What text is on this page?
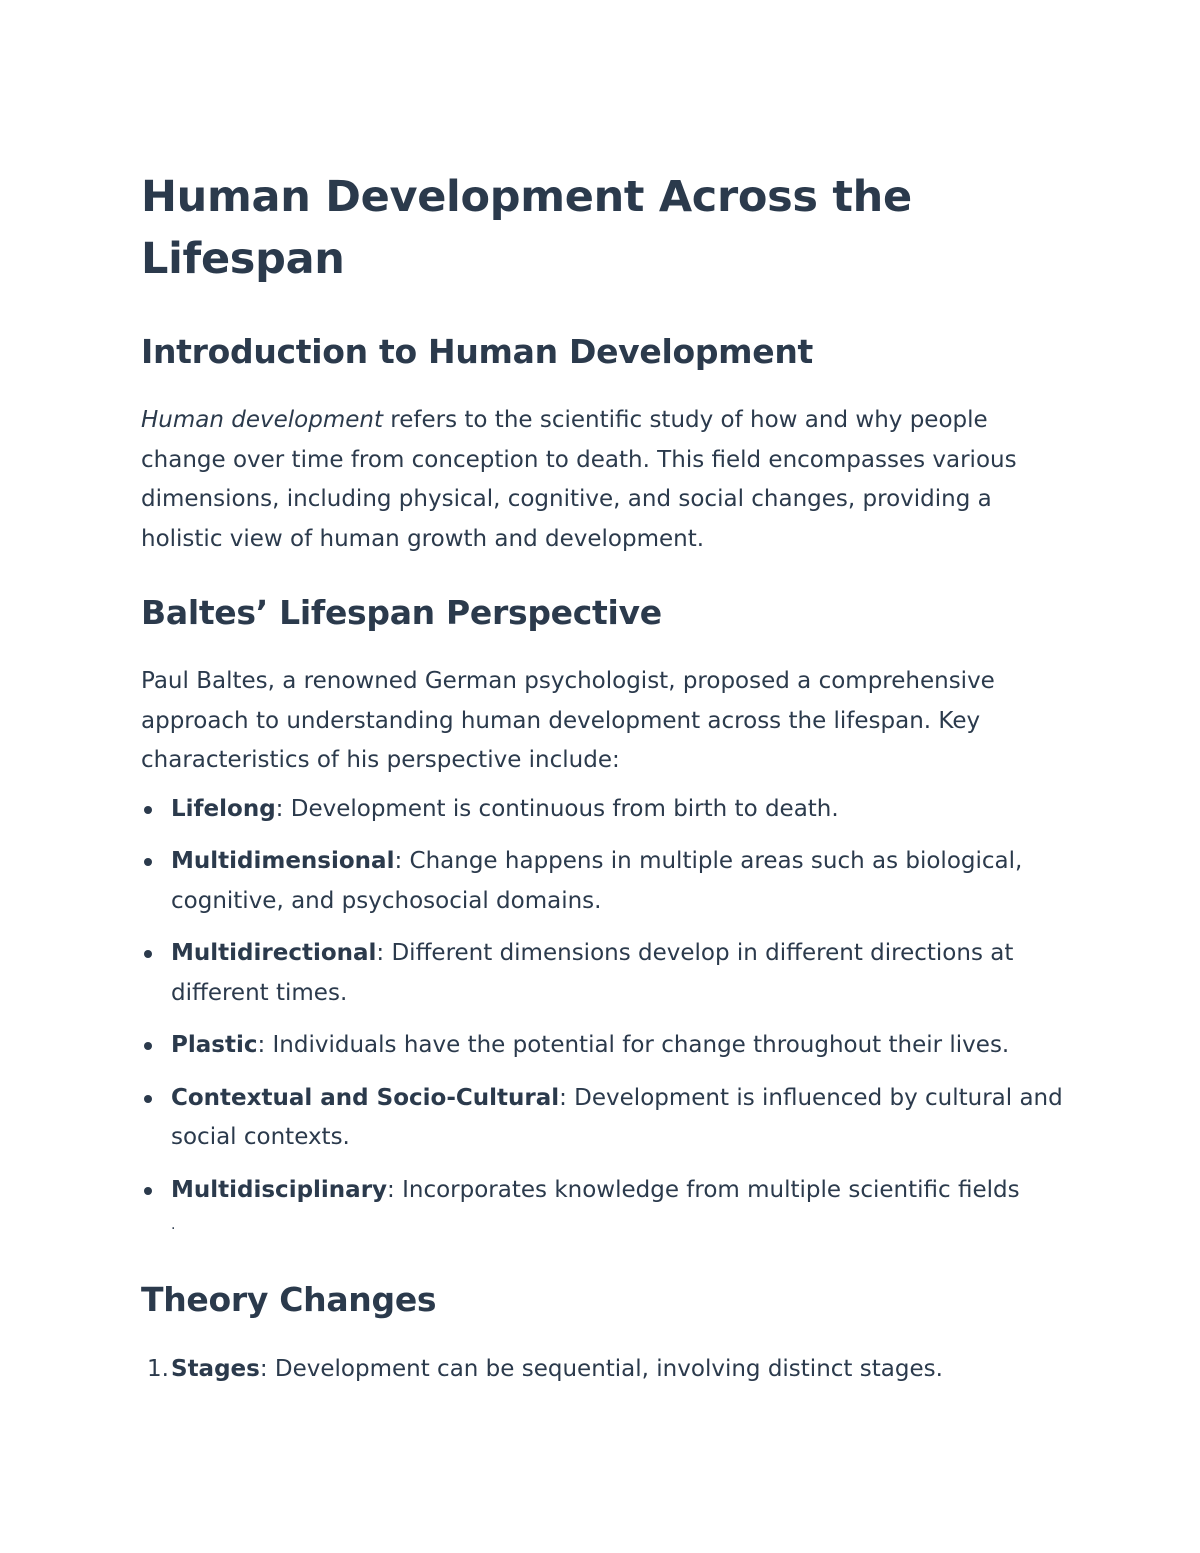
Human Development Across the Lifespan
Introduction to Human Development

Human development refers to the scientific study of how and why people change over time from conception to death. This field encompasses various dimensions, including physical, cognitive, and social changes, providing a holistic view of human growth and development.

Baltes’ Lifespan Perspective

Paul Baltes, a renowned German psychologist, proposed a comprehensive approach to understanding human development across the lifespan. Key characteristics of his perspective include:

Lifelong: Development is continuous from birth to death.
Multidimensional: Change happens in multiple areas such as biological, cognitive, and psychosocial domains.
Multidirectional: Different dimensions develop in different directions at different times.
Plastic: Individuals have the potential for change throughout their lives.
Contextual and Socio-Cultural: Development is influenced by cultural and social contexts.
Multidisciplinary: Incorporates knowledge from multiple scientific fields
.
Theory Changes
1. Stages: Development can be sequential, involving distinct stages.
